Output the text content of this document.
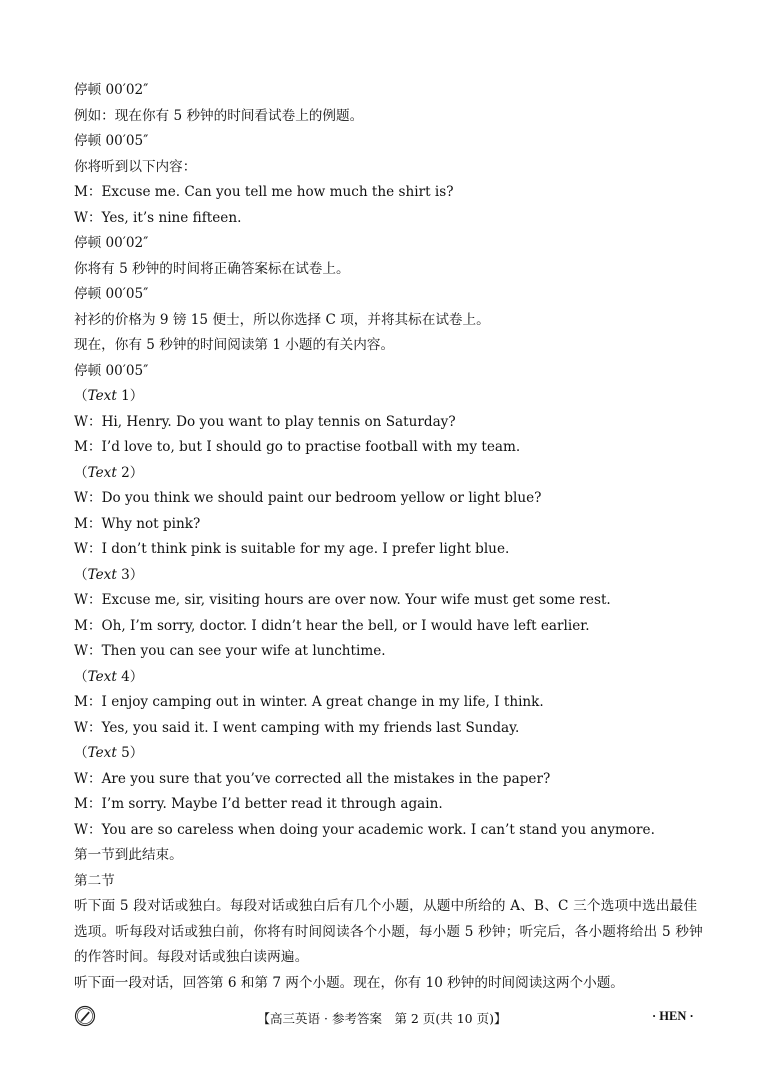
停顿 00′02″
例如：现在你有 5 秒钟的时间看试卷上的例题。
停顿 00′05″
你将听到以下内容：
M：Excuse me. Can you tell me how much the shirt is?
W：Yes, it’s nine fifteen.
停顿 00′02″
你将有 5 秒钟的时间将正确答案标在试卷上。
停顿 00′05″
衬衫的价格为 9 镑 15 便士，所以你选择 C 项，并将其标在试卷上。
现在，你有 5 秒钟的时间阅读第 1 小题的有关内容。
停顿 00′05″
（Text 1）
W：Hi, Henry. Do you want to play tennis on Saturday?
M：I’d love to, but I should go to practise football with my team.
（Text 2）
W：Do you think we should paint our bedroom yellow or light blue?
M：Why not pink?
W：I don’t think pink is suitable for my age. I prefer light blue.
（Text 3）
W：Excuse me, sir, visiting hours are over now. Your wife must get some rest.
M：Oh, I’m sorry, doctor. I didn’t hear the bell, or I would have left earlier.
W：Then you can see your wife at lunchtime.
（Text 4）
M：I enjoy camping out in winter. A great change in my life, I think.
W：Yes, you said it. I went camping with my friends last Sunday.
（Text 5）
W：Are you sure that you’ve corrected all the mistakes in the paper?
M：I’m sorry. Maybe I’d better read it through again.
W：You are so careless when doing your academic work. I can’t stand you anymore.
第一节到此结束。
第二节
听下面 5 段对话或独白。每段对话或独白后有几个小题，从题中所给的 A、B、C 三个选项中选出最佳选项。听每段对话或独白前，你将有时间阅读各个小题，每小题 5 秒钟；听完后，各小题将给出 5 秒钟的作答时间。每段对话或独白读两遍。
听下面一段对话，回答第 6 和第 7 两个小题。现在，你有 10 秒钟的时间阅读这两个小题。
【高三英语 · 参考答案　第 2 页(共 10 页)】	· HEN ·
